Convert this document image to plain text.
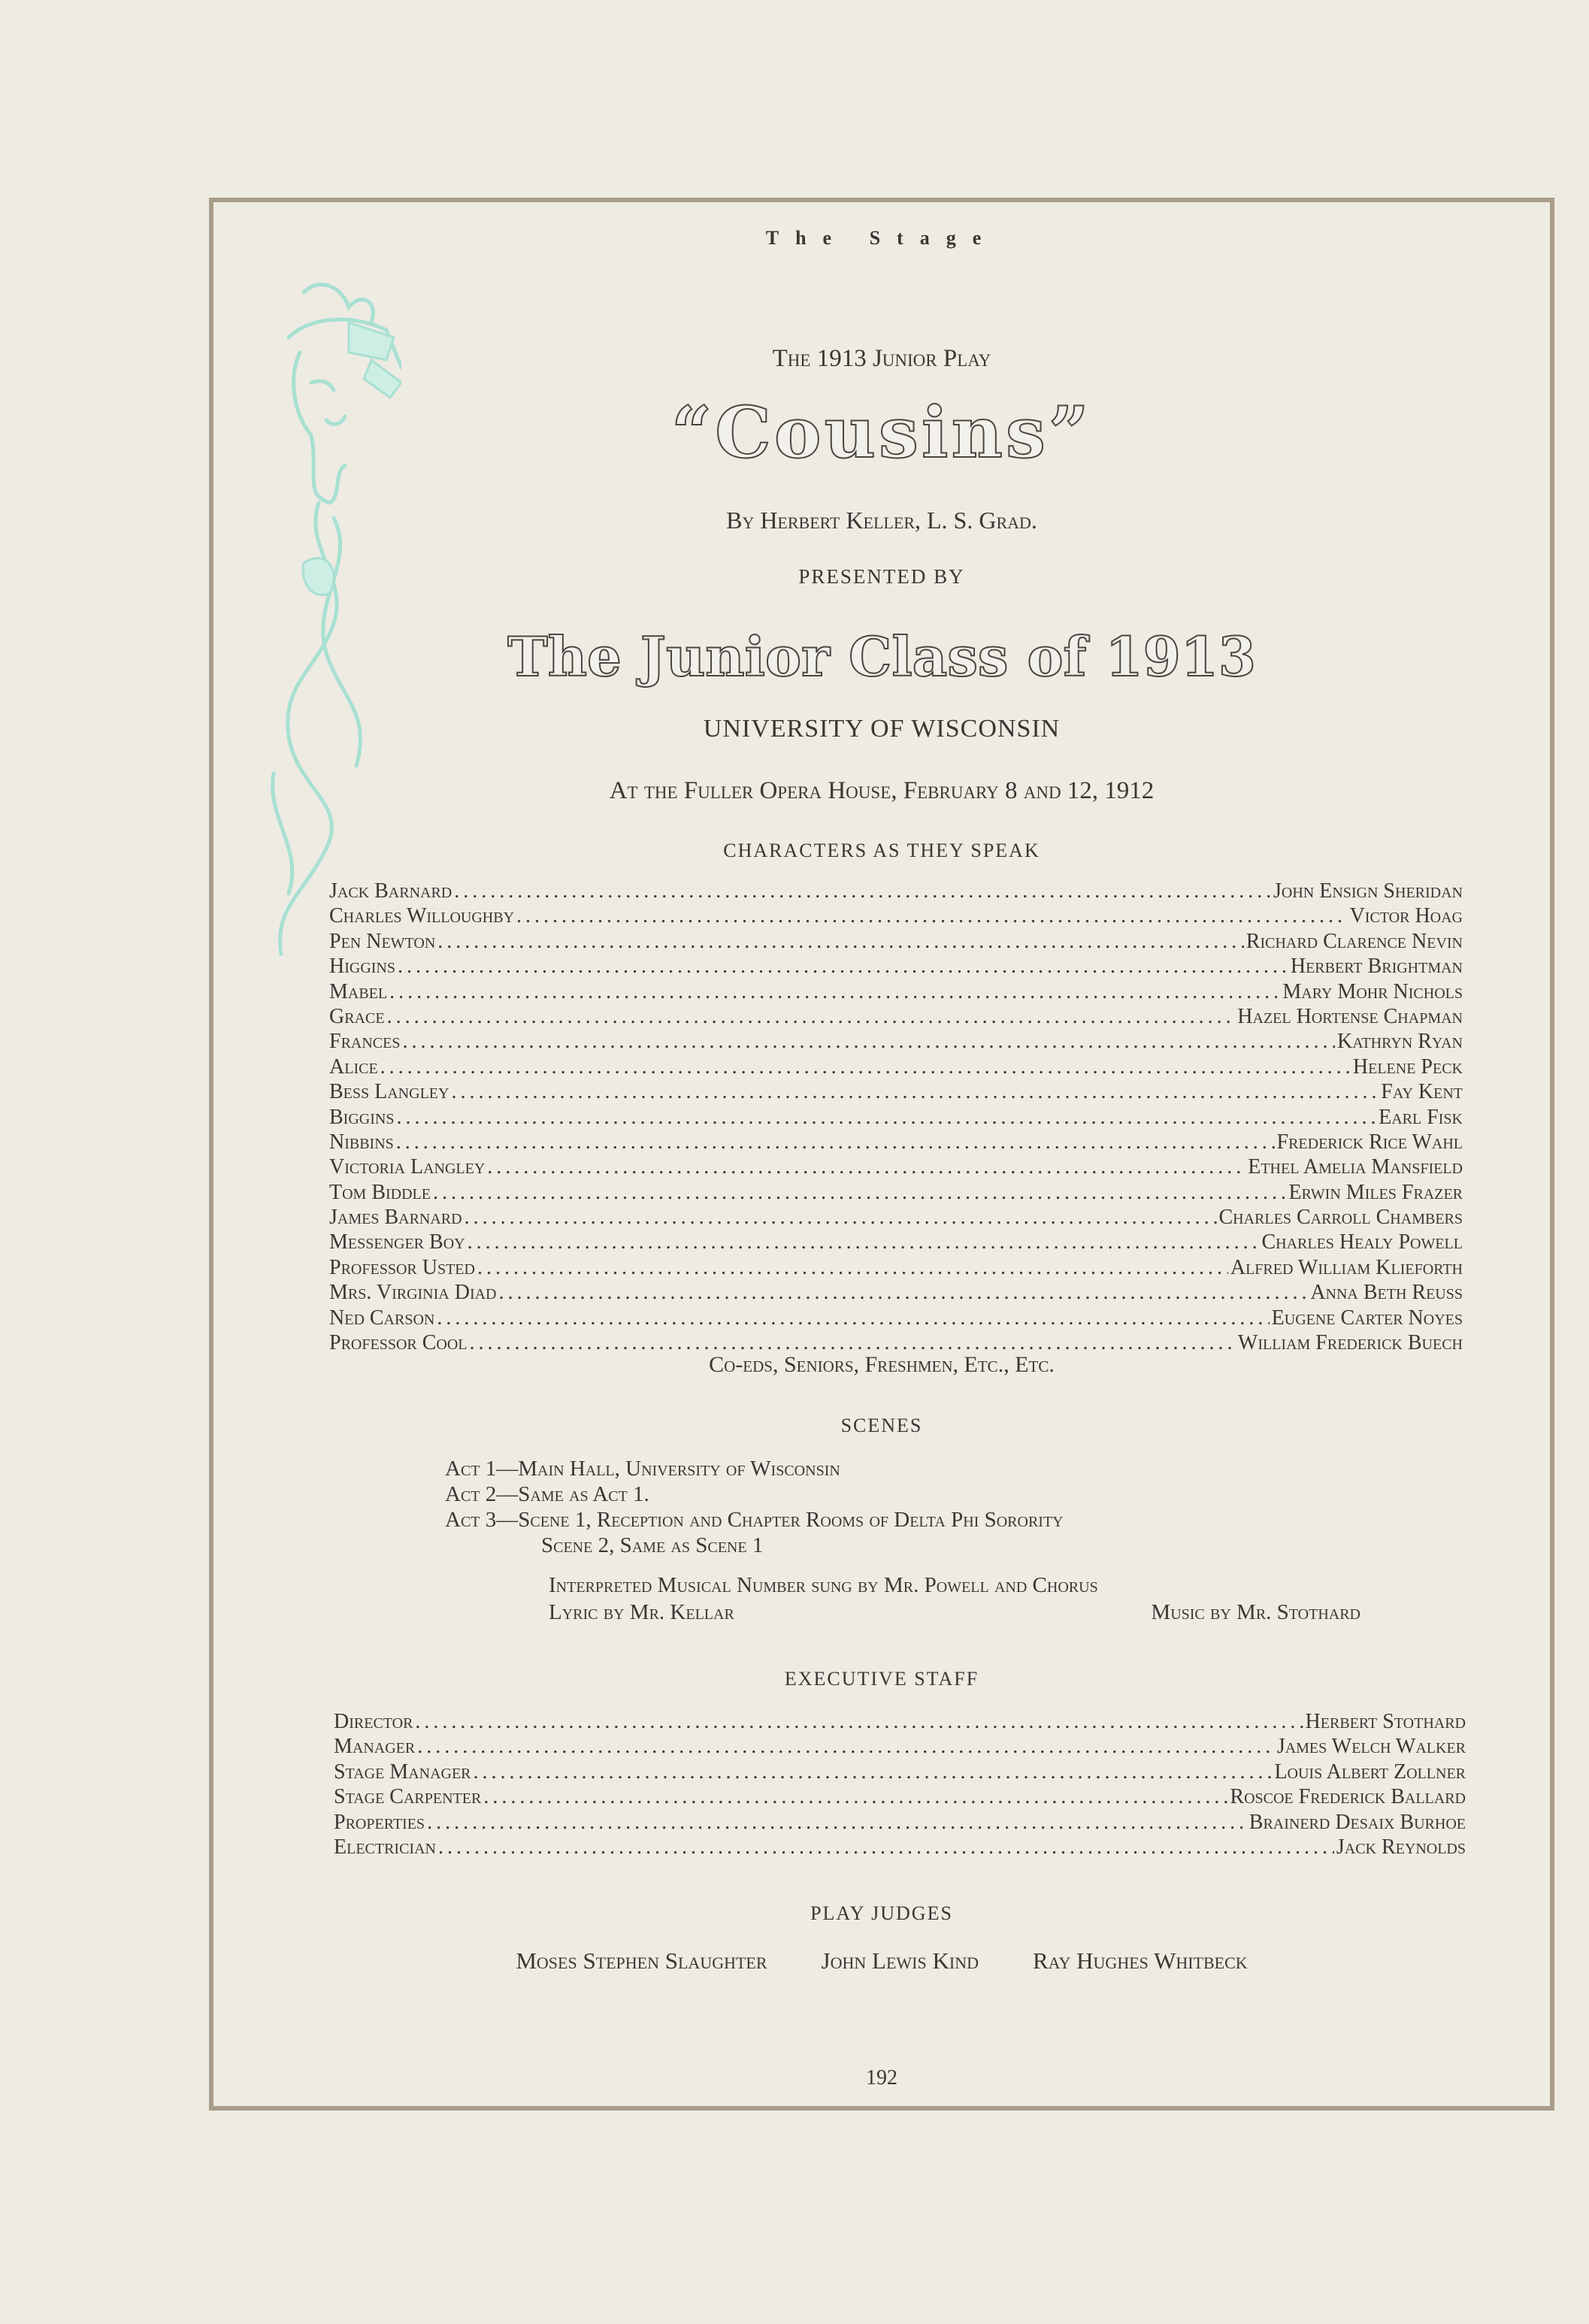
The Stage
The 1913 Junior Play
“Cousins”
By Herbert Keller, L. S. Grad.
PRESENTED BY
The Junior Class of 1913
UNIVERSITY OF WISCONSIN
At the Fuller Opera House, February 8 and 12, 1912
CHARACTERS AS THEY SPEAK
Jack Barnard . . .	John Ensign Sheridan
Charles Willoughby . . .	Victor Hoag
Pen Newton . . .	Richard Clarence Nevin
Higgins . . .	Herbert Brightman
Mabel . . .	Mary Mohr Nichols
Grace . . .	Hazel Hortense Chapman
Frances . . .	Kathryn Ryan
Alice . . .	Helene Peck
Bess Langley . . .	Fay Kent
Biggins . . .	Earl Fisk
Nibbins . . .	Frederick Rice Wahl
Victoria Langley . . .	Ethel Amelia Mansfield
Tom Biddle . . .	Erwin Miles Frazer
James Barnard . . .	Charles Carroll Chambers
Messenger Boy . . .	Charles Healy Powell
Professor Usted . . .	Alfred William Klieforth
Mrs. Virginia Diad . . .	Anna Beth Reuss
Ned Carson . . .	Eugene Carter Noyes
Professor Cool . . .	William Frederick Buech
Co-eds, Seniors, Freshmen, Etc., Etc.
SCENES
Act 1—Main Hall, University of Wisconsin
Act 2—Same as Act 1.
Act 3—Scene 1, Reception and Chapter Rooms of Delta Phi Sorority
Scene 2, Same as Scene 1
Interpreted Musical Number sung by Mr. Powell and Chorus
Lyric by Mr. Kellar	Music by Mr. Stothard
EXECUTIVE STAFF
Director . . .	Herbert Stothard
Manager . . .	James Welch Walker
Stage Manager . . .	Louis Albert Zollner
Stage Carpenter . . .	Roscoe Frederick Ballard
Properties . . .	Brainerd Desaix Burhoe
Electrician . . .	Jack Reynolds
PLAY JUDGES
Moses Stephen Slaughter John Lewis Kind Ray Hughes Whitbeck
192
